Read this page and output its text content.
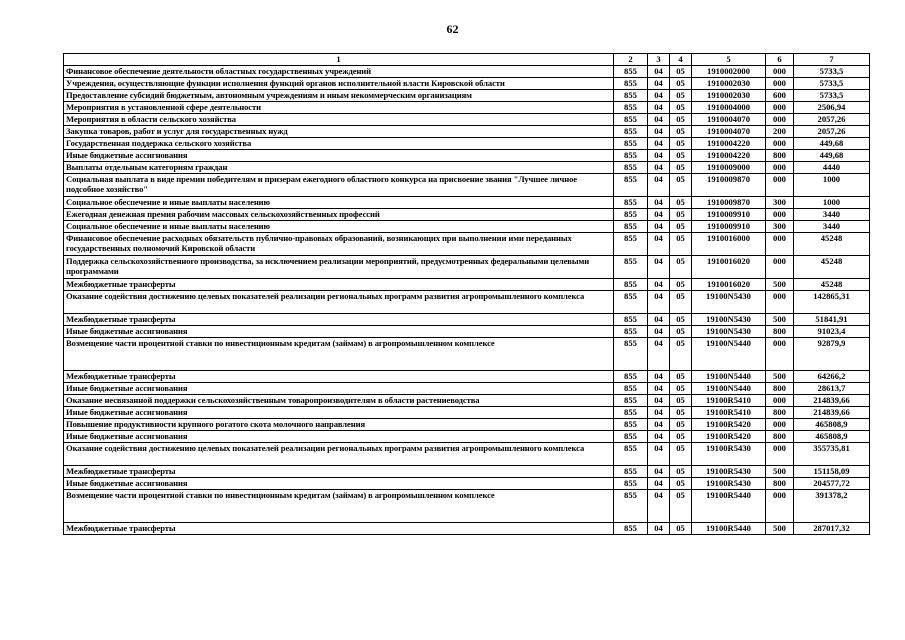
62
1	2	3	4	5	6	7
Финансовое обеспечение деятельности областных государственных учреждений	855	04	05	1910002000	000	5733,5
Учреждения, осуществляющие функции исполнения функций органов исполнительной власти Кировской области	855	04	05	1910002030	000	5733,5
Предоставление субсидий бюджетным, автономным учреждениям и иным некоммерческим организациям	855	04	05	1910002030	600	5733,5
Мероприятия в установленной сфере деятельности	855	04	05	1910004000	000	2506,94
Мероприятия в области сельского хозяйства	855	04	05	1910004070	000	2057,26
Закупка товаров, работ и услуг для государственных нужд	855	04	05	1910004070	200	2057,26
Государственная поддержка сельского хозяйства	855	04	05	1910004220	000	449,68
Иные бюджетные ассигнования	855	04	05	1910004220	800	449,68
Выплаты отдельным категориям граждан	855	04	05	1910009000	000	4440
Социальная выплата в виде премии победителям и призерам ежегодного областного конкурса на присвоение звания "Лучшее личное подсобное хозяйство"	855	04	05	1910009870	000	1000
Социальное обеспечение и иные выплаты населению	855	04	05	1910009870	300	1000
Ежегодная денежная премия рабочим массовых сельскохозяйственных профессий	855	04	05	1910009910	000	3440
Социальное обеспечение и иные выплаты населению	855	04	05	1910009910	300	3440
Финансовое обеспечение расходных обязательств публично-правовых образований, возникающих при выполнении ими переданных государственных полномочий Кировской области	855	04	05	1910016000	000	45248
Поддержка сельскохозяйственного производства, за исключением реализации мероприятий, предусмотренных федеральными целевыми программами	855	04	05	1910016020	000	45248
Межбюджетные трансферты	855	04	05	1910016020	500	45248
Оказание содействия достижению целевых показателей реализации региональных программ развития агропромышленного комплекса	855	04	05	19100N5430	000	142865,31
Межбюджетные трансферты	855	04	05	19100N5430	500	51841,91
Иные бюджетные ассигнования	855	04	05	19100N5430	800	91023,4
Возмещение части процентной ставки по инвестиционным кредитам (займам) в агропромышленном комплексе	855	04	05	19100N5440	000	92879,9
Межбюджетные трансферты	855	04	05	19100N5440	500	64266,2
Иные бюджетные ассигнования	855	04	05	19100N5440	800	28613,7
Оказание несвязанной поддержки сельскохозяйственным товаропроизводителям в области растениеводства	855	04	05	19100R5410	000	214839,66
Иные бюджетные ассигнования	855	04	05	19100R5410	800	214839,66
Повышение продуктивности крупного рогатого скота молочного направления	855	04	05	19100R5420	000	465808,9
Иные бюджетные ассигнования	855	04	05	19100R5420	800	465808,9
Оказание содействия достижению целевых показателей реализации региональных программ развития агропромышленного комплекса	855	04	05	19100R5430	000	355735,81
Межбюджетные трансферты	855	04	05	19100R5430	500	151158,09
Иные бюджетные ассигнования	855	04	05	19100R5430	800	204577,72
Возмещение части процентной ставки по инвестиционным кредитам (займам) в агропромышленном комплексе	855	04	05	19100R5440	000	391378,2
Межбюджетные трансферты	855	04	05	19100R5440	500	287017,32
